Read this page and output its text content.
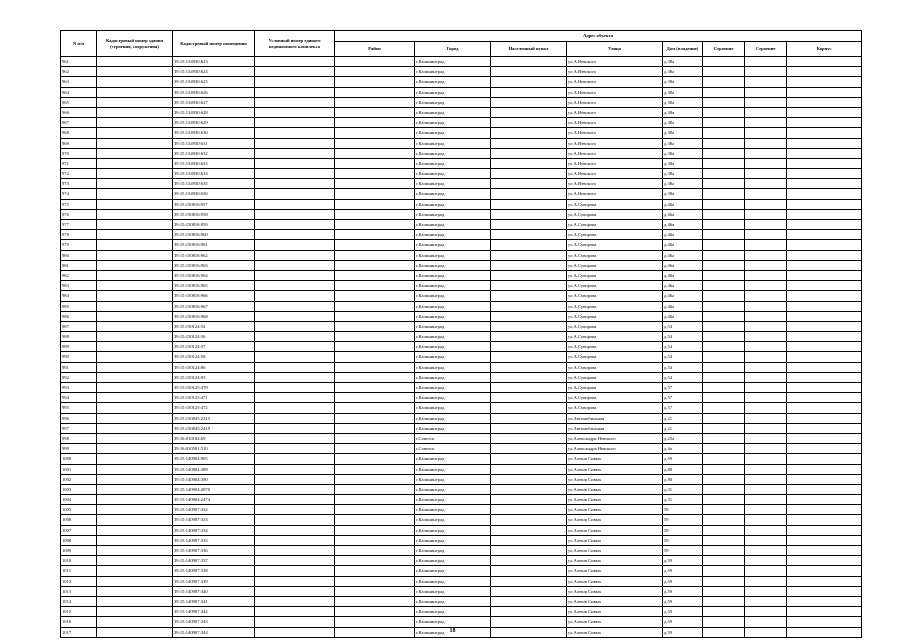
N п/п	Кадастровый номер здания (строения, сооружения)	Кадастровый номер помещения	Условный номер единого недвижимого комплекса	Адрес объекта							
				Район	Город	Населенный пункт	Улица	Дом (владение)	Строение	Строение	Корпус
961		39:15:134930:623			г.Калининград		ул.А.Невского	д.38а			
962		39:15:134930:624			г.Калининград		ул.А.Невского	д.38а			
963		39:15:134930:625			г.Калининград		ул.А.Невского	д.38а			
964		39:15:134930:626			г.Калининград		ул.А.Невского	д.38а			
965		39:15:134930:627			г.Калининград		ул.А.Невского	д.38а			
966		39:15:134930:628			г.Калининград		ул.А.Невского	д.38а			
967		39:15:134930:629			г.Калининград		ул.А.Невского	д.38а			
968		39:15:134930:630			г.Калининград		ул.А.Невского	д.38а			
969		39:15:134930:631			г.Калининград		ул.А.Невского	д.38а			
970		39:15:134930:632			г.Калининград		ул.А.Невского	д.38а			
971		39:15:134930:633			г.Калининград		ул.А.Невского	д.38а			
972		39:15:134930:634			г.Калининград		ул.А.Невского	д.38а			
973		39:15:134930:635			г.Калининград		ул.А.Невского	д.38а			
974		39:15:134930:636			г.Калининград		ул.А.Невского	д.38а			
975		39:15:150816:957			г.Калининград		ул.А.Суворова	д.46а			
976		39:15:150816:958			г.Калининград		ул.А.Суворова	д.46а			
977		39:15:150816:959			г.Калининград		ул.А.Суворова	д.46а			
978		39:15:150816:960			г.Калининград		ул.А.Суворова	д.46а			
979		39:15:150816:961			г.Калининград		ул.А.Суворова	д.46а			
980		39:15:150816:962			г.Калининград		ул.А.Суворова	д.46а			
981		39:15:150816:963			г.Калининград		ул.А.Суворова	д.46а			
982		39:15:150816:964			г.Калининград		ул.А.Суворова	д.46а			
983		39:15:150816:965			г.Калининград		ул.А.Суворова	д.46а			
984		39:15:150816:966			г.Калининград		ул.А.Суворова	д.46а			
985		39:15:150816:967			г.Калининград		ул.А.Суворова	д.46а			
986		39:15:150816:968			г.Калининград		ул.А.Суворова	д.46а			
987		39:15:150124:54			г.Калининград		ул.А.Суворова	д.54			
988		39:15:150124:56			г.Калининград		ул.А.Суворова	д.54			
989		39:15:150124:57			г.Калининград		ул.А.Суворова	д.54			
990		39:15:150124:58			г.Калининград		ул.А.Суворова	д.54			
991		39:15:150124:86			г.Калининград		ул.А.Суворова	д.54			
992		39:15:150124:93			г.Калининград		ул.А.Суворова	д.54			
993		39:15:150125:470			г.Калининград		ул.А.Суворова	д.57			
994		39:15:150125:471			г.Калининград		ул.А.Суворова	д.57			
995		39:15:150125:472			г.Калининград		ул.А.Суворова	д.57			
996		39:15:150845:2315			г.Калининград		ул.Автомобильная	д.21			
997		39:15:150845:2419			г.Калининград		ул.Автомобильная	д.21			
998		39:16:010184:69			г.Советск		ул.Александра Невского	д.25а			
999		39:16:010501:510			г.Советск		ул.Александра Невского	д.4а			
1000		39:15:140904:905			г.Калининград		ул.Алешк Сивых	д.59			
1001		39:15:140804:389			г.Калининград		ул.Алешк Сивых	д.80			
1002		39:15:140904:390			г.Калининград		ул.Алешк Сивых	д.80			
1003		39:15:140904:2070			г.Калининград		ул.Алешк Сивых	д.31			
1004		39:15:140904:2474			г.Калининград		ул.Алешк Сивых	д.31			
1005		39:15:140907:332			г.Калининград		ул.Алешк Сивых	59			
1006		39:15:140907:333			г.Калининград		ул.Алешк Сивых	59			
1007		39:15:140907:334			г.Калининград		ул.Алешк Сивых	59			
1008		39:15:140907:335			г.Калининград		ул.Алешк Сивых	59			
1009		39:15:140907:336			г.Калининград		ул.Алешк Сивых	59			
1010		39:15:140907:337			г.Калининград		ул.Алешк Сивых	д.59			
1011		39:15:140907:338			г.Калининград		ул.Алешк Сивых	д.59			
1012		39:15:140907:339			г.Калининград		ул.Алешк Сивых	д.59			
1013		39:15:140907:340			г.Калининград		ул.Алешк Сивых	д.59			
1014		39:15:140907:341			г.Калининград		ул.Алешк Сивых	д.59			
1015		39:15:140907:342			г.Калининград		ул.Алешк Сивых	д.59			
1016		39:15:140907:343			г.Калининград		ул.Алешк Сивых	д.59			
1017		39:15:140907:344			г.Калининград		ул.Алешк Сивых	д.59			
18
